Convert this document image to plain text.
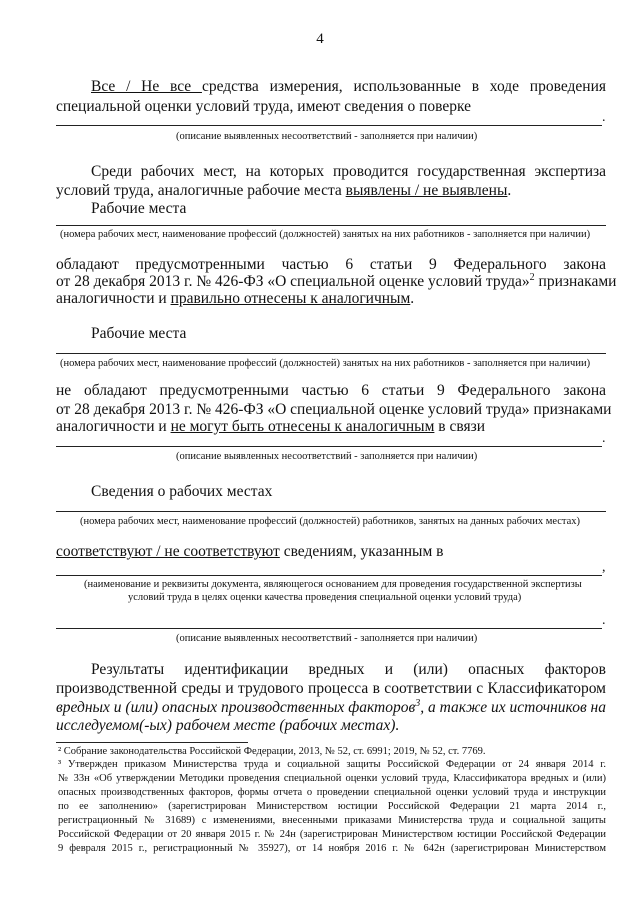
4
Все / Не все средства измерения, использованные в ходе проведения
специальной оценки условий труда, имеют сведения о поверке
.
(описание выявленных несоответствий - заполняется при наличии)
Среди рабочих мест, на которых проводится государственная экспертиза
условий труда, аналогичные рабочие места выявлены / не выявлены.
Рабочие места
(номера рабочих мест, наименование профессий (должностей) занятых на них работников - заполняется при наличии)
обладают предусмотренными частью 6 статьи 9 Федерального закона
от 28 декабря 2013 г. № 426-ФЗ «О специальной оценке условий труда»$^2$ признаками
аналогичности и правильно отнесены к аналогичным.
Рабочие места
(номера рабочих мест, наименование профессий (должностей) занятых на них работников - заполняется при наличии)
не обладают предусмотренными частью 6 статьи 9 Федерального закона
от 28 декабря 2013 г. № 426-ФЗ «О специальной оценке условий труда» признаками
аналогичности и не могут быть отнесены к аналогичным в связи
.
(описание выявленных несоответствий - заполняется при наличии)
Сведения о рабочих местах
(номера рабочих мест, наименование профессий (должностей) работников, занятых на данных рабочих местах)
соответствуют / не соответствуют сведениям, указанным в
,
(наименование и реквизиты документа, являющегося основанием для проведения государственной экспертизы
условий труда в целях оценки качества проведения специальной оценки условий труда)
.
(описание выявленных несоответствий - заполняется при наличии)
Результаты идентификации вредных и (или) опасных факторов
производственной среды и трудового процесса в соответствии с Классификатором
вредных и (или) опасных производственных факторов$^3$, а также их источников на
исследуемом(-ых) рабочем месте (рабочих местах).
² Собрание законодательства Российской Федерации, 2013, № 52, ст. 6991; 2019, № 52, ст. 7769.
³ Утвержден приказом Министерства труда и социальной защиты Российской Федерации от 24 января 2014 г.
№ 33н «Об утверждении Методики проведения специальной оценки условий труда, Классификатора вредных и (или)
опасных производственных факторов, формы отчета о проведении специальной оценки условий труда и инструкции
по ее заполнению» (зарегистрирован Министерством юстиции Российской Федерации 21 марта 2014 г.,
регистрационный № 31689) с изменениями, внесенными приказами Министерства труда и социальной защиты
Российской Федерации от 20 января 2015 г. № 24н (зарегистрирован Министерством юстиции Российской Федерации
9 февраля 2015 г., регистрационный № 35927), от 14 ноября 2016 г. № 642н (зарегистрирован Министерством
